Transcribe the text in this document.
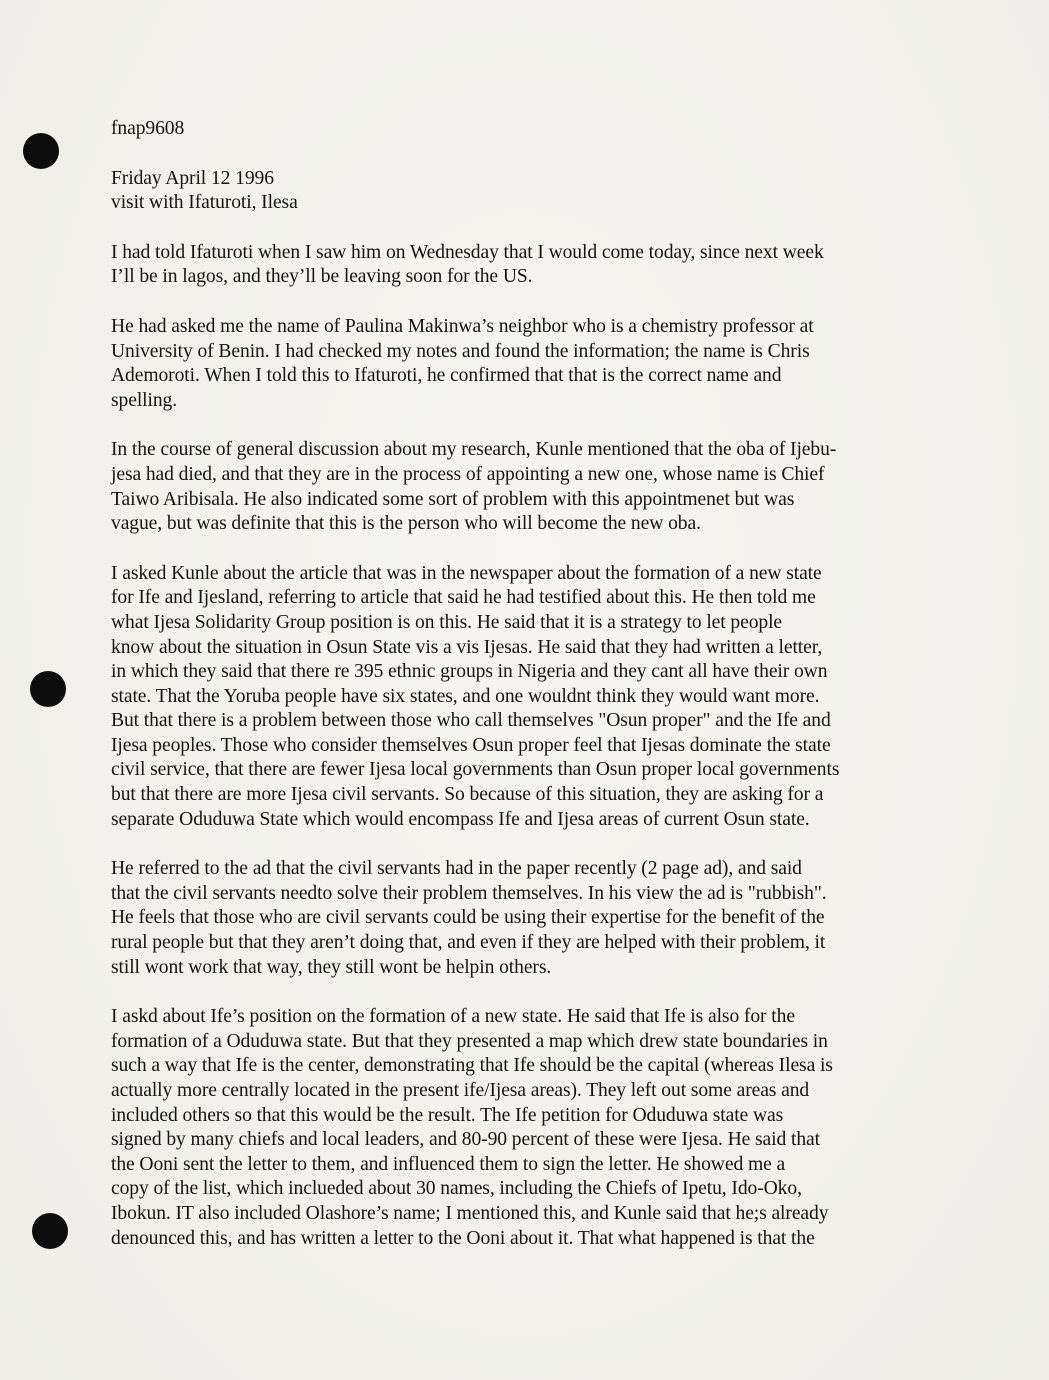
fnap9608
Friday April 12 1996
visit with Ifaturoti, Ilesa
I had told Ifaturoti when I saw him on Wednesday that I would come today, since next week
I’ll be in lagos, and they’ll be leaving soon for the US.
He had asked me the name of Paulina Makinwa’s neighbor who is a chemistry professor at
University of Benin. I had checked my notes and found the information; the name is Chris
Ademoroti. When I told this to Ifaturoti, he confirmed that that is the correct name and
spelling.
In the course of general discussion about my research, Kunle mentioned that the oba of Ijebu-
jesa had died, and that they are in the process of appointing a new one, whose name is Chief
Taiwo Aribisala. He also indicated some sort of problem with this appointmenet but was
vague, but was definite that this is the person who will become the new oba.
I asked Kunle about the article that was in the newspaper about the formation of a new state
for Ife and Ijesland, referring to article that said he had testified about this. He then told me
what Ijesa Solidarity Group position is on this. He said that it is a strategy to let people
know about the situation in Osun State vis a vis Ijesas. He said that they had written a letter,
in which they said that there re 395 ethnic groups in Nigeria and they cant all have their own
state. That the Yoruba people have six states, and one wouldnt think they would want more.
But that there is a problem between those who call themselves "Osun proper" and the Ife and
Ijesa peoples. Those who consider themselves Osun proper feel that Ijesas dominate the state
civil service, that there are fewer Ijesa local governments than Osun proper local governments
but that there are more Ijesa civil servants. So because of this situation, they are asking for a
separate Oduduwa State which would encompass Ife and Ijesa areas of current Osun state.
He referred to the ad that the civil servants had in the paper recently (2 page ad), and said
that the civil servants needto solve their problem themselves. In his view the ad is "rubbish".
He feels that those who are civil servants could be using their expertise for the benefit of the
rural people but that they aren’t doing that, and even if they are helped with their problem, it
still wont work that way, they still wont be helpin others.
I askd about Ife’s position on the formation of a new state. He said that Ife is also for the
formation of a Oduduwa state. But that they presented a map which drew state boundaries in
such a way that Ife is the center, demonstrating that Ife should be the capital (whereas Ilesa is
actually more centrally located in the present ife/Ijesa areas). They left out some areas and
included others so that this would be the result. The Ife petition for Oduduwa state was
signed by many chiefs and local leaders, and 80-90 percent of these were Ijesa. He said that
the Ooni sent the letter to them, and influenced them to sign the letter. He showed me a
copy of the list, which inclueded about 30 names, including the Chiefs of Ipetu, Ido-Oko,
Ibokun. IT also included Olashore’s name; I mentioned this, and Kunle said that he;s already
denounced this, and has written a letter to the Ooni about it. That what happened is that the
